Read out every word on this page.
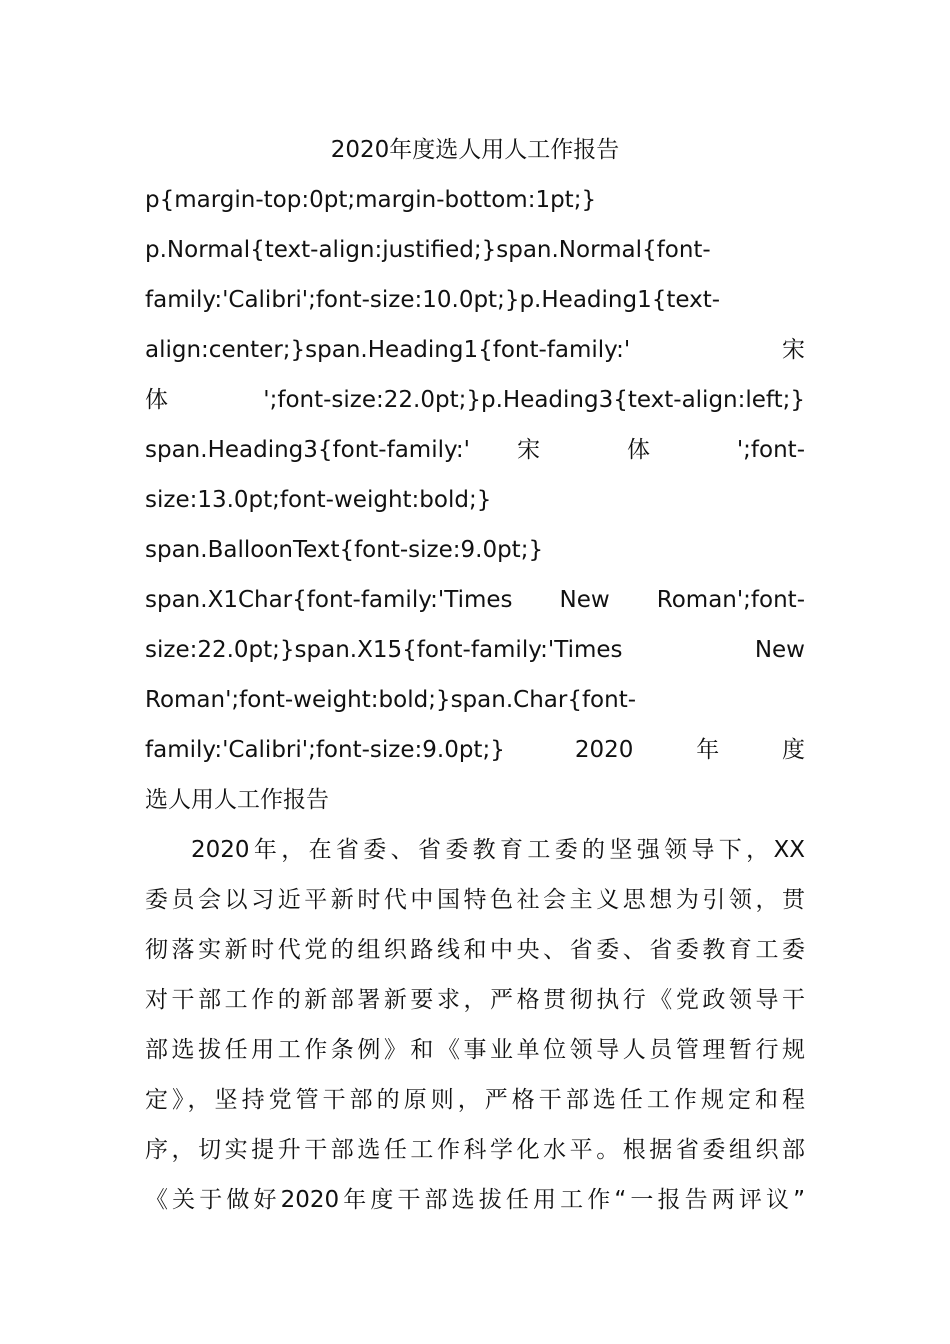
2020年度选人用人工作报告
p{margin-top:0pt;margin-bottom:1pt;}
p.Normal{text-align:justified;}span.Normal{font-
family:'Calibri';font-size:10.0pt;}p.Heading1{text-
align:center;}span.Heading1{font-family:' 宋
体 ';font-size:22.0pt;}p.Heading3{text-align:left;}
span.Heading3{font-family:' 宋 体 ';font-
size:13.0pt;font-weight:bold;}
span.BalloonText{font-size:9.0pt;}
span.X1Char{font-family:'Times New Roman';font-
size:22.0pt;}span.X15{font-family:'Times New
Roman';font-weight:bold;}span.Char{font-
family:'Calibri';font-size:9.0pt;} 2020年度
选人用人工作报告
2020年，在省委、省委教育工委的坚强领导下，XX
委员会以习近平新时代中国特色社会主义思想为引领，贯
彻落实新时代党的组织路线和中央、省委、省委教育工委
对干部工作的新部署新要求，严格贯彻执行《党政领导干
部选拔任用工作条例》和《事业单位领导人员管理暂行规
定》，坚持党管干部的原则，严格干部选任工作规定和程
序，切实提升干部选任工作科学化水平。根据省委组织部
《关于做好2020年度干部选拔任用工作“一报告两评议”
